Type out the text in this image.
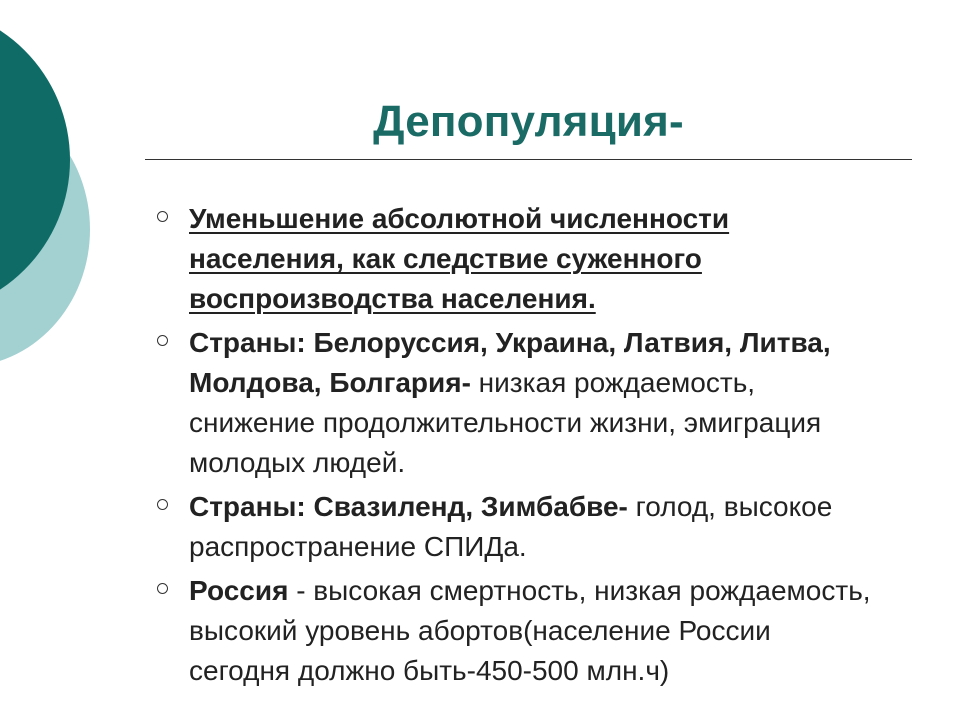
Депопуляция-
Уменьшение абсолютной численности населения, как следствие суженного воспроизводства населения.
Страны: Белоруссия, Украина, Латвия, Литва, Молдова, Болгария- низкая рождаемость, снижение продолжительности жизни, эмиграция молодых людей.
Страны: Свазиленд, Зимбабве- голод, высокое распространение СПИДа.
Россия - высокая смертность, низкая рождаемость, высокий уровень абортов(население России сегодня должно быть-450-500 млн.ч)
